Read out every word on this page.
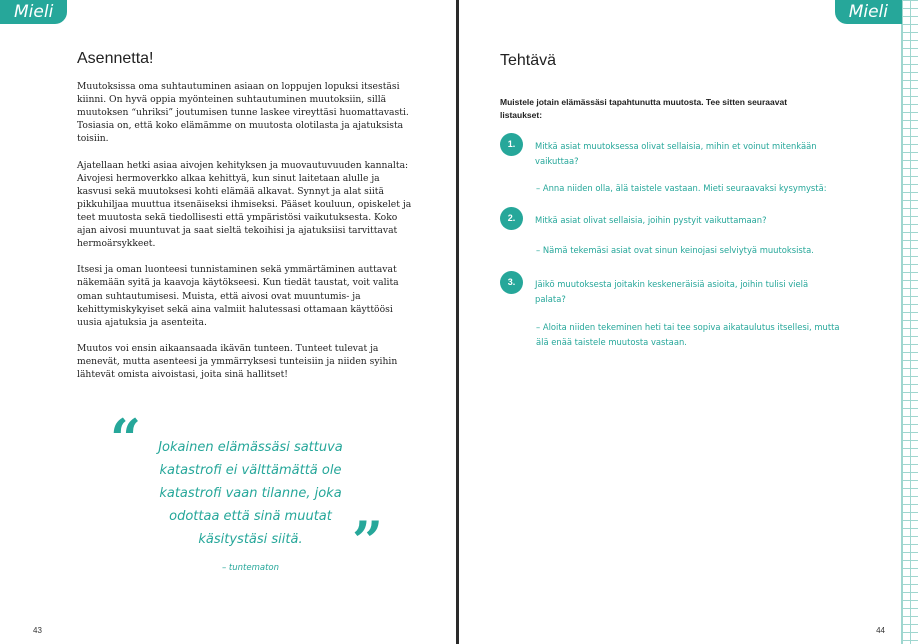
Mieli
Asennetta!

Muutoksissa oma suhtautuminen asiaan on loppujen lopuksi itsestäsi kiinni. On hyvä oppia myönteinen suhtautuminen muutoksiin, sillä muutoksen “uhriksi” joutumisen tunne laskee vireyttäsi huomattavasti. Tosiasia on, että koko elämämme on muutosta olotilasta ja ajatuksista toisiin.

Ajatellaan hetki asiaa aivojen kehityksen ja muovautuvuuden kannalta: Aivojesi hermoverkko alkaa kehittyä, kun sinut laitetaan alulle ja kasvusi sekä muutoksesi kohti elämää alkavat. Synnyt ja alat siitä pikkuhiljaa muuttua itsenäiseksi ihmiseksi. Pääset kouluun, opiskelet ja teet muutosta sekä tiedollisesti että ympäristösi vaikutuksesta. Koko ajan aivosi muuntuvat ja saat sieltä tekoihisi ja ajatuksiisi tarvittavat hermoärsykkeet.

Itsesi ja oman luonteesi tunnistaminen sekä ymmärtäminen auttavat näkemään syitä ja kaavoja käytökseesi. Kun tiedät taustat, voit valita oman suhtautumisesi. Muista, että aivosi ovat muuntumis- ja kehittymiskykyiset sekä aina valmiit halutessasi ottamaan käyttöösi uusia ajatuksia ja asenteita.

Muutos voi ensin aikaansaada ikävän tunteen. Tunteet tulevat ja menevät, mutta asenteesi ja ymmärryksesi tunteisiin ja niiden syihin lähtevät omista aivoistasi, joita sinä hallitset!

“	Jokainen elämässäsi sattuva katastrofi ei välttämättä ole katastrofi vaan tilanne, joka odottaa että sinä muutat käsitystäsi siitä. ”
– tuntematon
43
Mieli
Tehtävä

Muistele jotain elämässäsi tapahtunutta muutosta. Tee sitten seuraavat listaukset:

1.	Mitkä asiat muutoksessa olivat sellaisia, mihin et voinut mitenkään vaikuttaa?
– Anna niiden olla, älä taistele vastaan. Mieti seuraavaksi kysymystä:
2.	Mitkä asiat olivat sellaisia, joihin pystyit vaikuttamaan?
– Nämä tekemäsi asiat ovat sinun keinojasi selviytyä muutoksista.
3.	Jäikö muutoksesta joitakin keskeneräisiä asioita, joihin tulisi vielä palata?
– Aloita niiden tekeminen heti tai tee sopiva aikataulutus itsellesi, mutta älä enää taistele muutosta vastaan.
44
